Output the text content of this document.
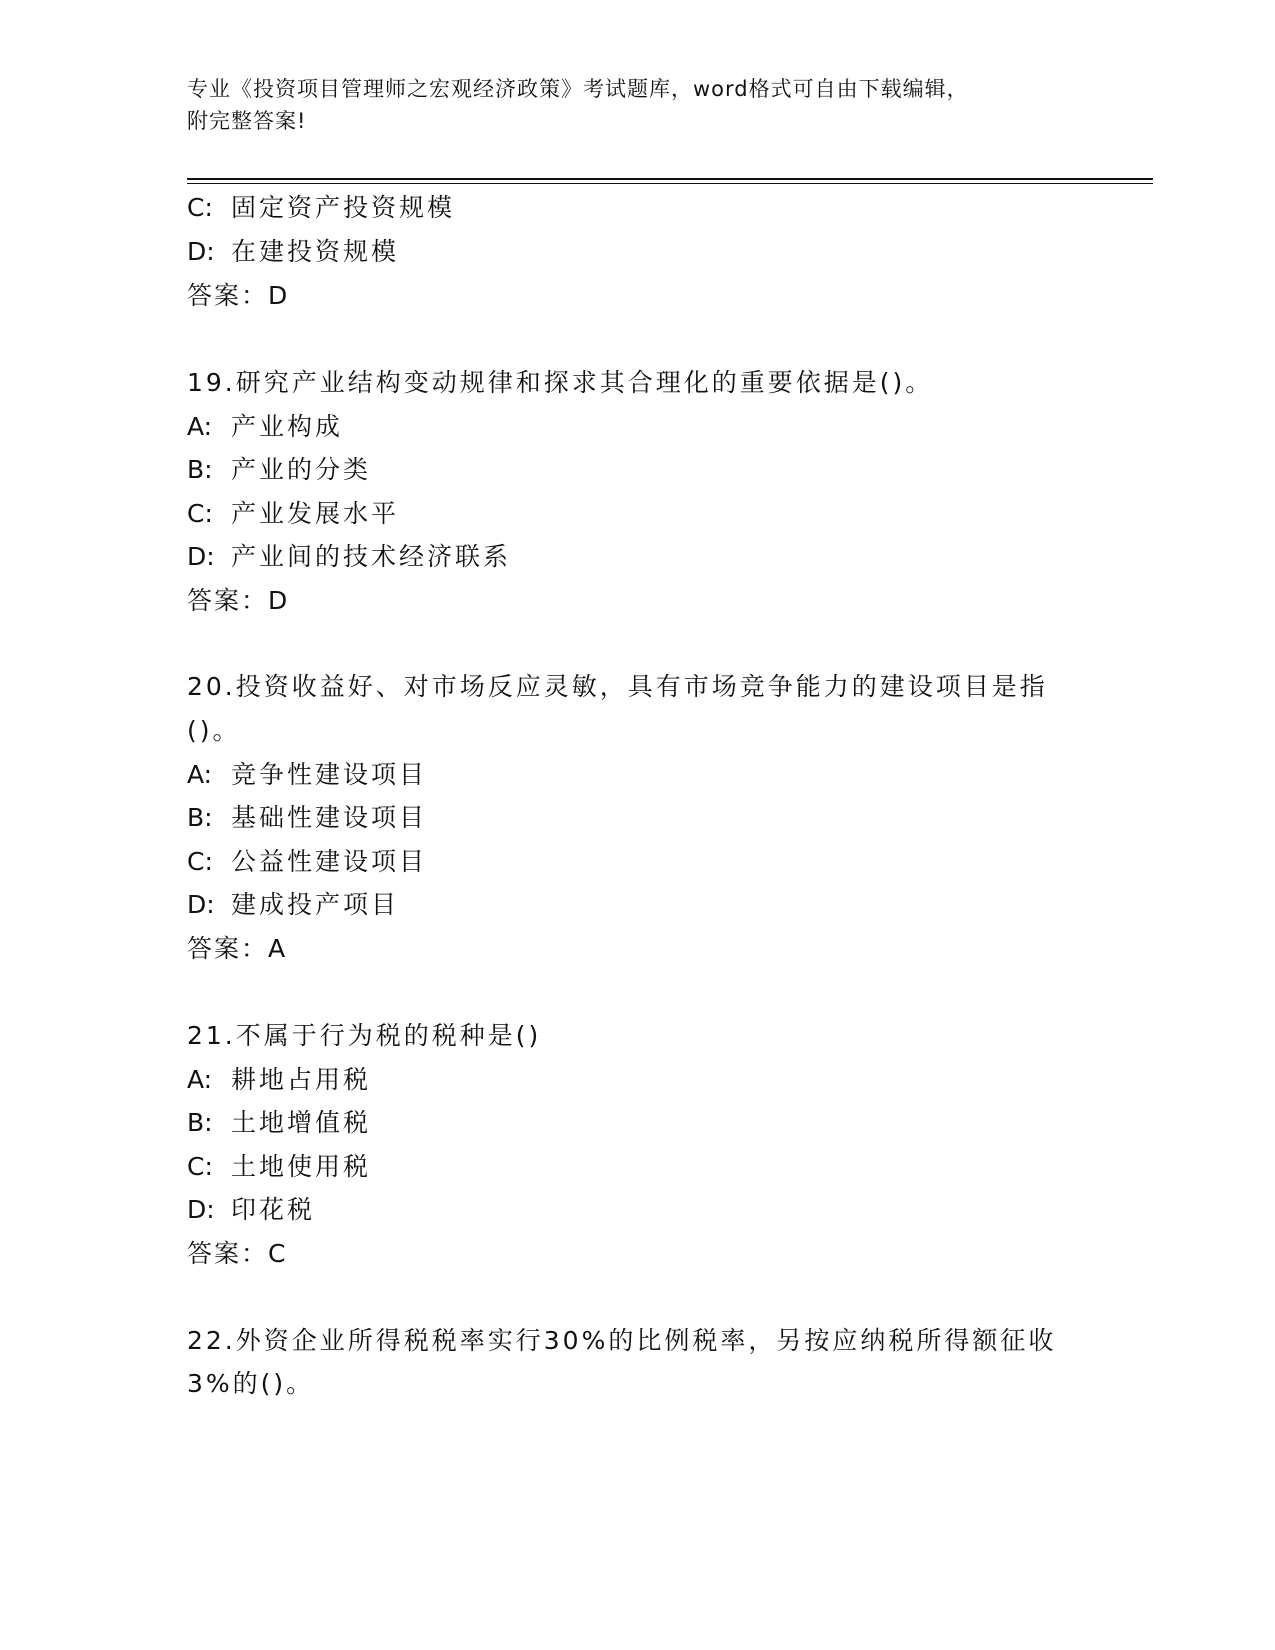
专业《投资项目管理师之宏观经济政策》考试题库，word格式可自由下载编辑，
附完整答案!
C: 固定资产投资规模
D: 在建投资规模
答案：D
19.研究产业结构变动规律和探求其合理化的重要依据是()。
A: 产业构成
B: 产业的分类
C: 产业发展水平
D: 产业间的技术经济联系
答案：D
20.投资收益好、对市场反应灵敏，具有市场竞争能力的建设项目是指
()。
A: 竞争性建设项目
B: 基础性建设项目
C: 公益性建设项目
D: 建成投产项目
答案：A
21.不属于行为税的税种是()
A: 耕地占用税
B: 土地增值税
C: 土地使用税
D: 印花税
答案：C
22.外资企业所得税税率实行30%的比例税率，另按应纳税所得额征收
3%的()。
